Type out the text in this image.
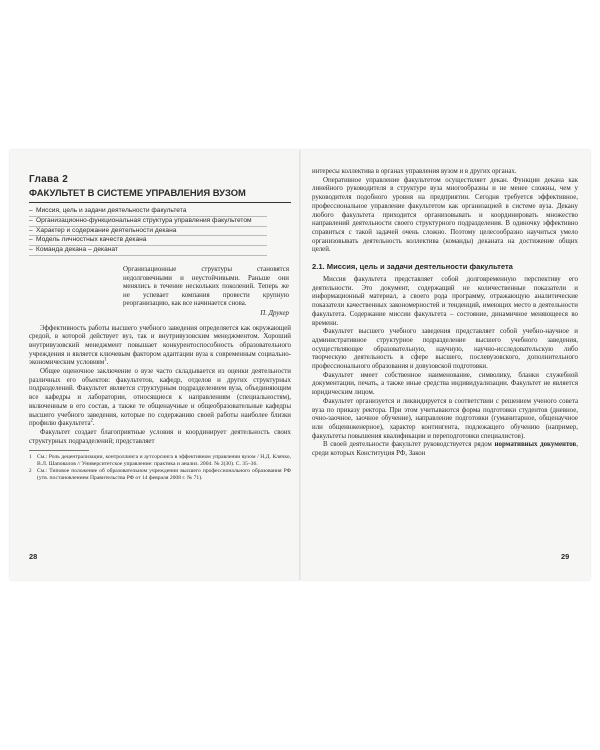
Глава 2
ФАКУЛЬТЕТ В СИСТЕМЕ УПРАВЛЕНИЯ ВУЗОМ
– Миссия, цель и задачи деятельности факультета
– Организационно-функциональная структура управления факультетом
– Характер и содержание деятельности декана
– Модель личностных качеств декана
– Команда декана – деканат
Организационные структуры становятся недолговечными и неустойчивыми. Раньше они менялись в течение нескольких поколений. Теперь же не успевает компания провести крупную реорганизацию, как все начинается снова.
П. Друкер

Эффективность работы высшего учебного заведения определяется как окружающей средой, в которой действует вуз, так и внутривузовским менеджментом. Хороший внутривузовский менеджмент повышает конкурентоспособность образовательного учреждения и является ключевым фактором адаптации вуза к современным социально-экономическим условиям$^1$.

Общее оценочное заключение о вузе часто складывается из оценки деятельности различных его объектов: факультетов, кафедр, отделов и других структурных подразделений. Факультет является структурным подразделением вуза, объединяющим все кафедры и лаборатории, относящиеся к направлениям (специальностям), включенным в его состав, а также те общенаучные и общеобразовательные кафедры высшего учебного заведения, которые по содержанию своей работы наиболее близки профилю факультета$^2$.

Факультет создает благоприятные условия и координирует деятельность своих структурных подразделений; представляет

1 См.: Роль децентрализации, контроллинга и аутсорсинга в эффективном управлении вузом / Н.Д. Клячко, В.Л. Шаповалов // Университетское управление: практика и анализ. 2004. № 2(30). С. 35–36.
2 См.: Типовое положение об образовательном учреждении высшего профессионального образования РФ (утв. постановлением Правительства РФ от 14 февраля 2008 г. № 71).
28

интересы коллектива в органах управления вузом и в других органах.

Оперативное управление факультетом осуществляет декан. Функции декана как линейного руководителя в структуре вуза многообразны и не менее сложны, чем у руководителя подобного уровня на предприятии. Сегодня требуется эффективное, профессиональное управление факультетом как организацией в системе вуза. Декану любого факультета приходится организовывать и координировать множество направлений деятельности своего структурного подразделения. В одиночку эффективно справиться с такой задачей очень сложно. Поэтому целесообразно научиться умело организовывать деятельность коллектива (команды) деканата на достижение общих целей.

2.1. Миссия, цель и задачи деятельности факультета

Миссия факультета представляет собой долговременную перспективу его деятельности. Это документ, содержащий не количественные показатели и информационный материал, а своего рода программу, отражающую аналитические показатели качественных закономерностей и тенденций, имеющих место в деятельности факультета. Содержание миссии факультета – состояние, динамичное меняющееся во времени.

Факультет высшего учебного заведения представляет собой учебно-научное и административное структурное подразделение высшего учебного заведения, осуществляющее образовательную, научную, научно-исследовательскую либо творческую деятельность в сфере высшего, послевузовского, дополнительного профессионального образования и довузовской подготовки.

Факультет имеет собственное наименование, символику, бланки служебной документации, печать, а также иные средства индивидуализации. Факультет не является юридическим лицом.

Факультет организуется и ликвидируется в соответствии с решением ученого совета вуза по приказу ректора. При этом учитываются форма подготовки студентов (дневное, очно-заочное, заочное обучение), направление подготовки (гуманитарное, общенаучное или общеинженерное), характер контингента, подлежащего обучению (например, факультеты повышения квалификации и переподготовки специалистов).

В своей деятельности факультет руководствуется рядом нормативных документов, среди которых Конституция РФ, Закон

29
